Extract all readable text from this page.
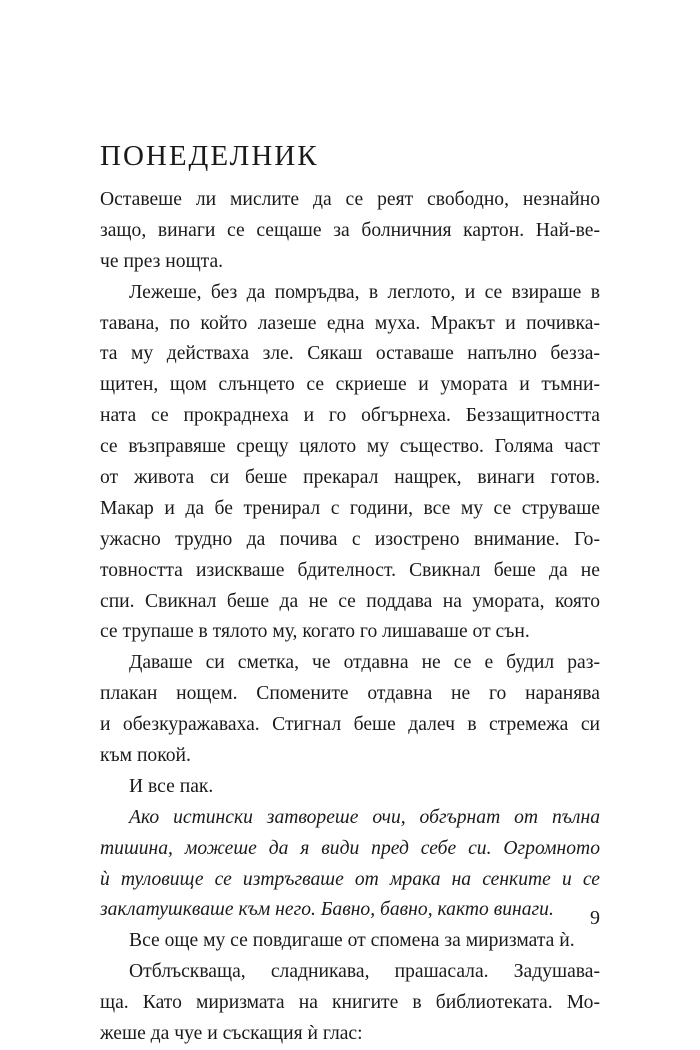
ПОНЕДЕЛНИК
Оставеше ли мислите да се реят свободно, незнайно
защо, винаги се сещаше за болничния картон. Най-ве-
че през нощта.
Лежеше, без да помръдва, в леглото, и се взираше в
тавана, по който лазеше една муха. Мракът и почивка-
та му действаха зле. Сякаш оставаше напълно безза-
щитен, щом слънцето се скриеше и умората и тъмни-
ната се прокраднеха и го обгърнеха. Беззащитността
се възправяше срещу цялото му същество. Голяма част
от живота си беше прекарал нащрек, винаги готов.
Макар и да бе тренирал с години, все му се струваше
ужасно трудно да почива с изострено внимание. Го-
товността изискваше бдителност. Свикнал беше да не
спи. Свикнал беше да не се поддава на умората, която
се трупаше в тялото му, когато го лишаваше от сън.
Даваше си сметка, че отдавна не се е будил раз-
плакан нощем. Спомените отдавна не го наранява
и обезкуражаваха. Стигнал беше далеч в стремежа си
към покой.
И все пак.
Ако истински затвореше очи, обгърнат от пълна
тишина, можеше да я види пред себе си. Огромното
ѝ туловище се изтръгваше от мрака на сенките и се
заклатушкваше към него. Бавно, бавно, както винаги.
Все още му се повдигаше от спомена за миризмата ѝ.
Отблъскваща, сладникава, прашасала. Задушава-
ща. Като миризмата на книгите в библиотеката. Мо-
жеше да чуе и съскащия ѝ глас:
9
